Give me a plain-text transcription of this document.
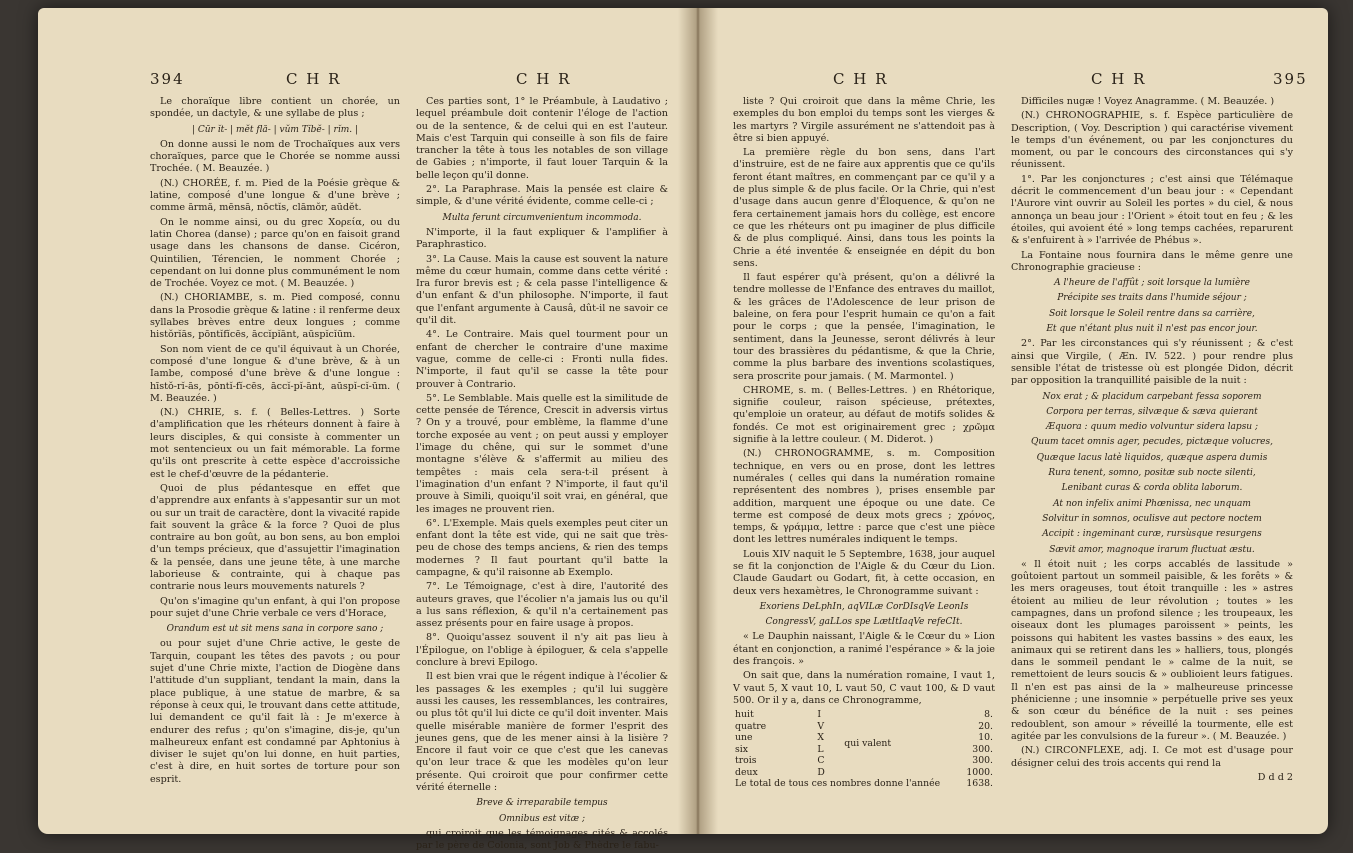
394	C H R	C H R

Le choraïque libre contient un chorée, un spondée, un dactyle, & une syllabe de plus ;

| Cūr ĭt- | mĕt flă- | vŭm Tĭbĕ- | rĭm. |

On donne aussi le nom de Trochaïques aux vers choraïques, parce que le Chorée se nomme aussi Trochée. ( M. Beauzée. )

(N.) CHORÉE, f. m. Pied de la Poésie grèque & latine, composé d'une longue & d'une brève ; comme ārmă, mēnsā, nōctĭs, clāmŏr, aūdĕt.

On le nomme ainsi, ou du grec Χορεία, ou du latin Chorea (danse) ; parce qu'on en faisoit grand usage dans les chansons de danse. Cicéron, Quintilien, Térencien, le nomment Chorée ; cependant on lui donne plus communément le nom de Trochée. Voyez ce mot. ( M. Beauzée. )

(N.) CHORIAMBE, s. m. Pied composé, connu dans la Prosodie grèque & latine : il renferme deux syllabes brèves entre deux longues ; comme histŏrĭās, pōntĭfĭcēs, āccĭpĭānt, aūspĭcĭūm.

Son nom vient de ce qu'il équivaut à un Chorée, composé d'une longue & d'une brève, & à un Iambe, composé d'une brève & d'une longue : hīstŏ-rĭ-ās, pōntĭ-fĭ-cēs, āccĭ-pĭ-ānt, aūspĭ-cĭ-ūm. ( M. Beauzée. )

(N.) CHRIE, s. f. ( Belles-Lettres. ) Sorte d'amplification que les rhéteurs donnent à faire à leurs disciples, & qui consiste à commenter un mot sentencieux ou un fait mémorable. La forme qu'ils ont prescrite à cette espèce d'accroissiche est le chef-d'œuvre de la pédanterie.

Quoi de plus pédantesque en effet que d'apprendre aux enfants à s'appesantir sur un mot ou sur un trait de caractère, dont la vivacité rapide fait souvent la grâce & la force ? Quoi de plus contraire au bon goût, au bon sens, au bon emploi d'un temps précieux, que d'assujettir l'imagination & la pensée, dans une jeune tête, à une marche laborieuse & contrainte, qui à chaque pas contrarie nous leurs mouvements naturels ?

Qu'on s'imagine qu'un enfant, à qui l'on propose pour sujet d'une Chrie verbale ce vers d'Horace,

Orandum est ut sit mens sana in corpore sano ;

ou pour sujet d'une Chrie active, le geste de Tarquin, coupant les têtes des pavots ; ou pour sujet d'une Chrie mixte, l'action de Diogène dans l'attitude d'un suppliant, tendant la main, dans la place publique, à une statue de marbre, & sa réponse à ceux qui, le trouvant dans cette attitude, lui demandent ce qu'il fait là : Je m'exerce à endurer des refus ; qu'on s'imagine, dis-je, qu'un malheureux enfant est condamné par Aphtonius à diviser le sujet qu'on lui donne, en huit parties, c'est à dire, en huit sortes de torture pour son esprit.

Ces parties sont, 1° le Préambule, à Laudativo ; lequel préambule doit contenir l'éloge de l'action ou de la sentence, & de celui qui en est l'auteur. Mais c'est Tarquin qui conseille à son fils de faire trancher la tête à tous les notables de son village de Gabies ; n'importe, il faut louer Tarquin & la belle leçon qu'il donne.

2°. La Paraphrase. Mais la pensée est claire & simple, & d'une vérité évidente, comme celle-ci ;

Multa ferunt circumvenientum incommoda.

N'importe, il la faut expliquer & l'amplifier à Paraphrastico.

3°. La Cause. Mais la cause est souvent la nature même du cœur humain, comme dans cette vérité : Ira furor brevis est ; & cela passe l'intelligence & d'un enfant & d'un philosophe. N'importe, il faut que l'enfant argumente à Causâ, dût-il ne savoir ce qu'il dit.

4°. Le Contraire. Mais quel tourment pour un enfant de chercher le contraire d'une maxime vague, comme de celle-ci : Fronti nulla fides. N'importe, il faut qu'il se casse la tête pour prouver à Contrario.

5°. Le Semblable. Mais quelle est la similitude de cette pensée de Térence, Crescit in adversis virtus ? On y a trouvé, pour emblème, la flamme d'une torche exposée au vent ; on peut aussi y employer l'image du chêne, qui sur le sommet d'une montagne s'élève & s'affermit au milieu des tempêtes : mais cela sera-t-il présent à l'imagination d'un enfant ? N'importe, il faut qu'il prouve à Simili, quoiqu'il soit vrai, en général, que les images ne prouvent rien.

6°. L'Exemple. Mais quels exemples peut citer un enfant dont la tête est vide, qui ne sait que très-peu de chose des temps anciens, & rien des temps modernes ? Il faut pourtant qu'il batte la campagne, & qu'il raisonne ab Exemplo.

7°. Le Témoignage, c'est à dire, l'autorité des auteurs graves, que l'écolier n'a jamais lus ou qu'il a lus sans réflexion, & qu'il n'a certainement pas assez présents pour en faire usage à propos.

8°. Quoiqu'assez souvent il n'y ait pas lieu à l'Épilogue, on l'oblige à épiloguer, & cela s'appelle conclure à brevi Epilogo.

Il est bien vrai que le régent indique à l'écolier & les passages & les exemples ; qu'il lui suggère aussi les causes, les ressemblances, les contraires, ou plus tôt qu'il lui dicte ce qu'il doit inventer. Mais quelle misérable manière de former l'esprit des jeunes gens, que de les mener ainsi à la lisière ? Encore il faut voir ce que c'est que les canevas qu'on leur trace & que les modèles qu'on leur présente. Qui croiroit que pour confirmer cette vérité éternelle :

Breve & irreparabile tempus

Omnibus est vitæ ;

qui croiroit que les témoignages cités & accolés par le père de Colonia, sont Job & Phèdre le fabu-

C H R	C H R	395

liste ? Qui croiroit que dans la même Chrie, les exemples du bon emploi du temps sont les vierges & les martyrs ? Virgile assurément ne s'attendoit pas à être si bien appuyé.

La première règle du bon sens, dans l'art d'instruire, est de ne faire aux apprentis que ce qu'ils feront étant maîtres, en commençant par ce qu'il y a de plus simple & de plus facile. Or la Chrie, qui n'est d'usage dans aucun genre d'Éloquence, & qu'on ne fera certainement jamais hors du collège, est encore ce que les rhéteurs ont pu imaginer de plus difficile & de plus compliqué. Ainsi, dans tous les points la Chrie a été inventée & enseignée en dépit du bon sens.

Il faut espérer qu'à présent, qu'on a délivré la tendre mollesse de l'Enfance des entraves du maillot, & les grâces de l'Adolescence de leur prison de baleine, on fera pour l'esprit humain ce qu'on a fait pour le corps ; que la pensée, l'imagination, le sentiment, dans la Jeunesse, seront délivrés à leur tour des brassières du pédantisme, & que la Chrie, comme la plus barbare des inventions scolastiques, sera proscrite pour jamais. ( M. Marmontel. )

CHROME, s. m. ( Belles-Lettres. ) en Rhétorique, signifie couleur, raison spécieuse, prétextes, qu'emploie un orateur, au défaut de motifs solides & fondés. Ce mot est originairement grec ; χρῶμα signifie à la lettre couleur. ( M. Diderot. )

(N.) CHRONOGRAMME, s. m. Composition technique, en vers ou en prose, dont les lettres numérales ( celles qui dans la numération romaine représentent des nombres ), prises ensemble par addition, marquent une époque ou une date. Ce terme est composé de deux mots grecs ; χρόνος, temps, & γράμμα, lettre : parce que c'est une pièce dont les lettres numérales indiquent le temps.

Louis XIV naquit le 5 Septembre, 1638, jour auquel se fit la conjonction de l'Aigle & du Cœur du Lion. Claude Gaudart ou Godart, fit, à cette occasion, en deux vers hexamètres, le Chronogramme suivant :

Exoriens DeLphIn, aqVILæ CorDIsqVe LeonIs

CongressV, gaLLos spe LætItIaqVe refeCIt.

« Le Dauphin naissant, l'Aigle & le Cœur du » Lion étant en conjonction, a ranimé l'espérance » & la joie des françois. »

On sait que, dans la numération romaine, I vaut 1, V vaut 5, X vaut 10, L vaut 50, C vaut 100, & D vaut 500. Or il y a, dans ce Chronogramme,

huit	I	qui valent	8.
quatre	V		20.
une	X		10.
six	L		300.
trois	C		300.
deux	D		1000.
Le total de tous ces nombres donne l'année			1638.

Difficiles nugæ ! Voyez Anagramme. ( M. Beauzée. )

(N.) CHRONOGRAPHIE, s. f. Espèce particulière de Description, ( Voy. Description ) qui caractérise vivement le temps d'un événement, ou par les conjonctures du moment, ou par le concours des circonstances qui s'y réunissent.

1°. Par les conjonctures ; c'est ainsi que Télémaque décrit le commencement d'un beau jour : « Cependant l'Aurore vint ouvrir au Soleil les portes » du ciel, & nous annonça un beau jour : l'Orient » étoit tout en feu ; & les étoiles, qui avoient été » long temps cachées, reparurent & s'enfuirent à » l'arrivée de Phébus ».

La Fontaine nous fournira dans le même genre une Chronographie gracieuse :

A l'heure de l'affût ; soit lorsque la lumière

Précipite ses traits dans l'humide séjour ;

Soit lorsque le Soleil rentre dans sa carrière,

Et que n'étant plus nuit il n'est pas encor jour.

2°. Par les circonstances qui s'y réunissent ; & c'est ainsi que Virgile, ( Æn. IV. 522. ) pour rendre plus sensible l'état de tristesse où est plongée Didon, décrit par opposition la tranquillité paisible de la nuit :

Nox erat ; & placidum carpebant fessa soporem

Corpora per terras, silvæque & sæva quierant

Æquora : quum medio volvuntur sidera lapsu ;

Quum tacet omnis ager, pecudes, pictæque volucres,

Quæque lacus latè liquidos, quæque aspera dumis

Rura tenent, somno, positæ sub nocte silenti,

Lenibant curas & corda oblita laborum.

At non infelix animi Phœnissa, nec unquam

Solvitur in somnos, oculisve aut pectore noctem

Accipit : ingeminant curæ, rursùsque resurgens

Sævit amor, magnoque irarum fluctuat æstu.

« Il étoit nuit ; les corps accablés de lassitude » goûtoient partout un sommeil paisible, & les forêts » & les mers orageuses, tout étoit tranquille : les » astres étoient au milieu de leur révolution ; toutes » les campagnes, dans un profond silence ; les troupeaux, les oiseaux dont les plumages paroissent » peints, les poissons qui habitent les vastes bassins » des eaux, les animaux qui se retirent dans les » halliers, tous, plongés dans le sommeil pendant le » calme de la nuit, se remettoient de leurs soucis & » oublioient leurs fatigues. Il n'en est pas ainsi de la » malheureuse princesse phénicienne ; une insomnie » perpétuelle prive ses yeux & son cœur du bénéfice de la nuit : ses peines redoublent, son amour » réveillé la tourmente, elle est agitée par les convulsions de la fureur ». ( M. Beauzée. )

(N.) CIRCONFLEXE, adj. I. Ce mot est d'usage pour désigner celui des trois accents qui rend la

D d d 2
